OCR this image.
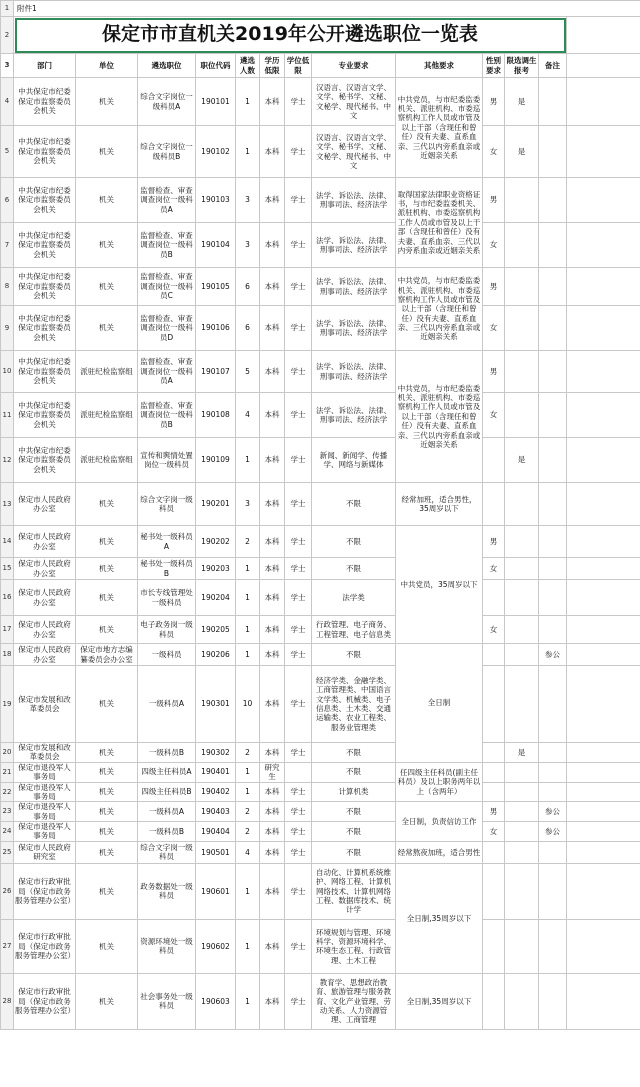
1	附件1												
2	保定市市直机关2019年公开遴选职位一览表												
3	部门	单位	遴选职位	职位代码	遴选人数	学历低限	学位低限	专业要求	其他要求	性别要求	限选调生报考	备注	
4	中共保定市纪委保定市监察委员会机关	机关	综合文字岗位一级科员A	190101	1	本科	学士	汉语言、汉语言文学、文学、秘书学、文秘、文秘学、现代秘书、中文	中共党员，与市纪委监委机关、派驻机构、市委巡察机构工作人员或市管及以上干部（含现任和曾任）没有夫妻、直系血亲、三代以内旁系血亲或近姻亲关系	男	是		
5	中共保定市纪委保定市监察委员会机关	机关	综合文字岗位一级科员B	190102	1	本科	学士	汉语言、汉语言文学、文学、秘书学、文秘、文秘学、现代秘书、中文		女	是		
6	中共保定市纪委保定市监察委员会机关	机关	监督检查、审查调查岗位一级科员A	190103	3	本科	学士	法学、诉讼法、法律、刑事司法、经济法学	取得国家法律职业资格证书，与市纪委监委机关、派驻机构、市委巡察机构工作人员或市管及以上干部（含现任和曾任）没有夫妻、直系血亲、三代以内旁系血亲或近姻亲关系	男			
7	中共保定市纪委保定市监察委员会机关	机关	监督检查、审查调查岗位一级科员B	190104	3	本科	学士	法学、诉讼法、法律、刑事司法、经济法学		女			
8	中共保定市纪委保定市监察委员会机关	机关	监督检查、审查调查岗位一级科员C	190105	6	本科	学士	法学、诉讼法、法律、刑事司法、经济法学	中共党员，与市纪委监委机关、派驻机构、市委巡察机构工作人员或市管及以上干部（含现任和曾任）没有夫妻、直系血亲、三代以内旁系血亲或近姻亲关系	男			
9	中共保定市纪委保定市监察委员会机关	机关	监督检查、审查调查岗位一级科员D	190106	6	本科	学士	法学、诉讼法、法律、刑事司法、经济法学		女			
10	中共保定市纪委保定市监察委员会机关	派驻纪检监察组	监督检查、审查调查岗位一级科员A	190107	5	本科	学士	法学、诉讼法、法律、刑事司法、经济法学	中共党员，与市纪委监委机关、派驻机构、市委巡察机构工作人员或市管及以上干部（含现任和曾任）没有夫妻、直系血亲、三代以内旁系血亲或近姻亲关系	男			
11	中共保定市纪委保定市监察委员会机关	派驻纪检监察组	监督检查、审查调查岗位一级科员B	190108	4	本科	学士	法学、诉讼法、法律、刑事司法、经济法学		女			
12	中共保定市纪委保定市监察委员会机关	派驻纪检监察组	宣传和舆情处置岗位一级科员	190109	1	本科	学士	新闻、新闻学、传播学、网络与新媒体			是		
13	保定市人民政府办公室	机关	综合文字岗一级科员	190201	3	本科	学士	不限	经常加班，适合男性，35周岁以下				
14	保定市人民政府办公室	机关	秘书处一级科员A	190202	2	本科	学士	不限	中共党员，35周岁以下	男			
15	保定市人民政府办公室	机关	秘书处一级科员B	190203	1	本科	学士	不限		女			
16	保定市人民政府办公室	机关	市长专线管理处一级科员	190204	1	本科	学士	法学类					
17	保定市人民政府办公室	机关	电子政务岗一级科员	190205	1	本科	学士	行政管理、电子商务、工程管理、电子信息类		女			
18	保定市人民政府办公室	保定市地方志编纂委员会办公室	一级科员	190206	1	本科	学士	不限	全日制			参公	
19	保定市发展和改革委员会	机关	一级科员A	190301	10	本科	学士	经济学类、金融学类、工商管理类、中国语言文学类、机械类、电子信息类、土木类、交通运输类、农业工程类、服务业管理类					
20	保定市发展和改革委员会	机关	一级科员B	190302	2	本科	学士	不限			是		
21	保定市退役军人事务局	机关	四级主任科员A	190401	1	研究生		不限	任四级主任科员(副主任科员）及以上职务两年以上（含两年）				
22	保定市退役军人事务局	机关	四级主任科员B	190402	1	本科	学士	计算机类					
23	保定市退役军人事务局	机关	一级科员A	190403	2	本科	学士	不限	全日制，负责信访工作	男		参公	
24	保定市退役军人事务局	机关	一级科员B	190404	2	本科	学士	不限		女		参公	
25	保定市人民政府研究室	机关	综合文字岗一级科员	190501	4	本科	学士	不限	经常熬夜加班，适合男性				
26	保定市行政审批局（保定市政务服务管理办公室）	机关	政务数据处一级科员	190601	1	本科	学士	自动化、计算机系统维护、网络工程、计算机网络技术、计算机网络工程、数据库技术、统计学	全日制,35周岁以下				
27	保定市行政审批局（保定市政务服务管理办公室）	机关	资源环境处一级科员	190602	1	本科	学士	环境规划与管理、环境科学、资源环境科学、环境生态工程、行政管理、土木工程					
28	保定市行政审批局（保定市政务服务管理办公室）	机关	社会事务处一级科员	190603	1	本科	学士	教育学、思想政治教育、旅游管理与服务教育、文化产业管理、劳动关系、人力资源管理、工商管理	全日制,35周岁以下				
